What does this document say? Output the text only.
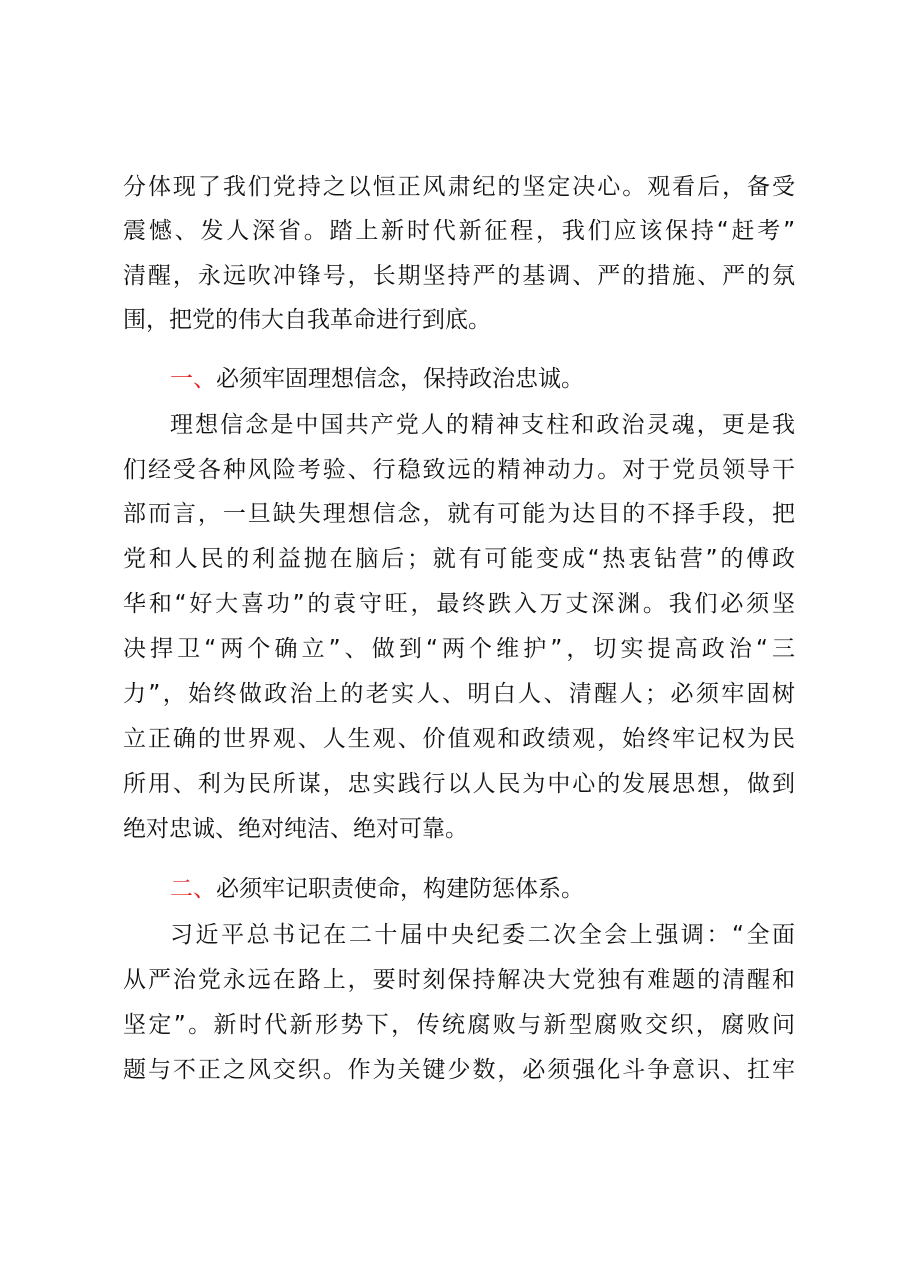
分体现了我们党持之以恒正风肃纪的坚定决心。观看后，备受
震憾、发人深省。踏上新时代新征程，我们应该保持“赶考”
清醒，永远吹冲锋号，长期坚持严的基调、严的措施、严的氛
围，把党的伟大自我革命进行到底。
一、必须牢固理想信念，保持政治忠诚。
理想信念是中国共产党人的精神支柱和政治灵魂，更是我
们经受各种风险考验、行稳致远的精神动力。对于党员领导干
部而言，一旦缺失理想信念，就有可能为达目的不择手段，把
党和人民的利益抛在脑后；就有可能变成“热衷钻营”的傅政
华和“好大喜功”的袁守旺，最终跌入万丈深渊。我们必须坚
决捍卫“两个确立”、做到“两个维护”，切实提高政治“三
力”，始终做政治上的老实人、明白人、清醒人；必须牢固树
立正确的世界观、人生观、价值观和政绩观，始终牢记权为民
所用、利为民所谋，忠实践行以人民为中心的发展思想，做到
绝对忠诚、绝对纯洁、绝对可靠。
二、必须牢记职责使命，构建防惩体系。
习近平总书记在二十届中央纪委二次全会上强调：“全面
从严治党永远在路上，要时刻保持解决大党独有难题的清醒和
坚定”。新时代新形势下，传统腐败与新型腐败交织，腐败问
题与不正之风交织。作为关键少数，必须强化斗争意识、扛牢
